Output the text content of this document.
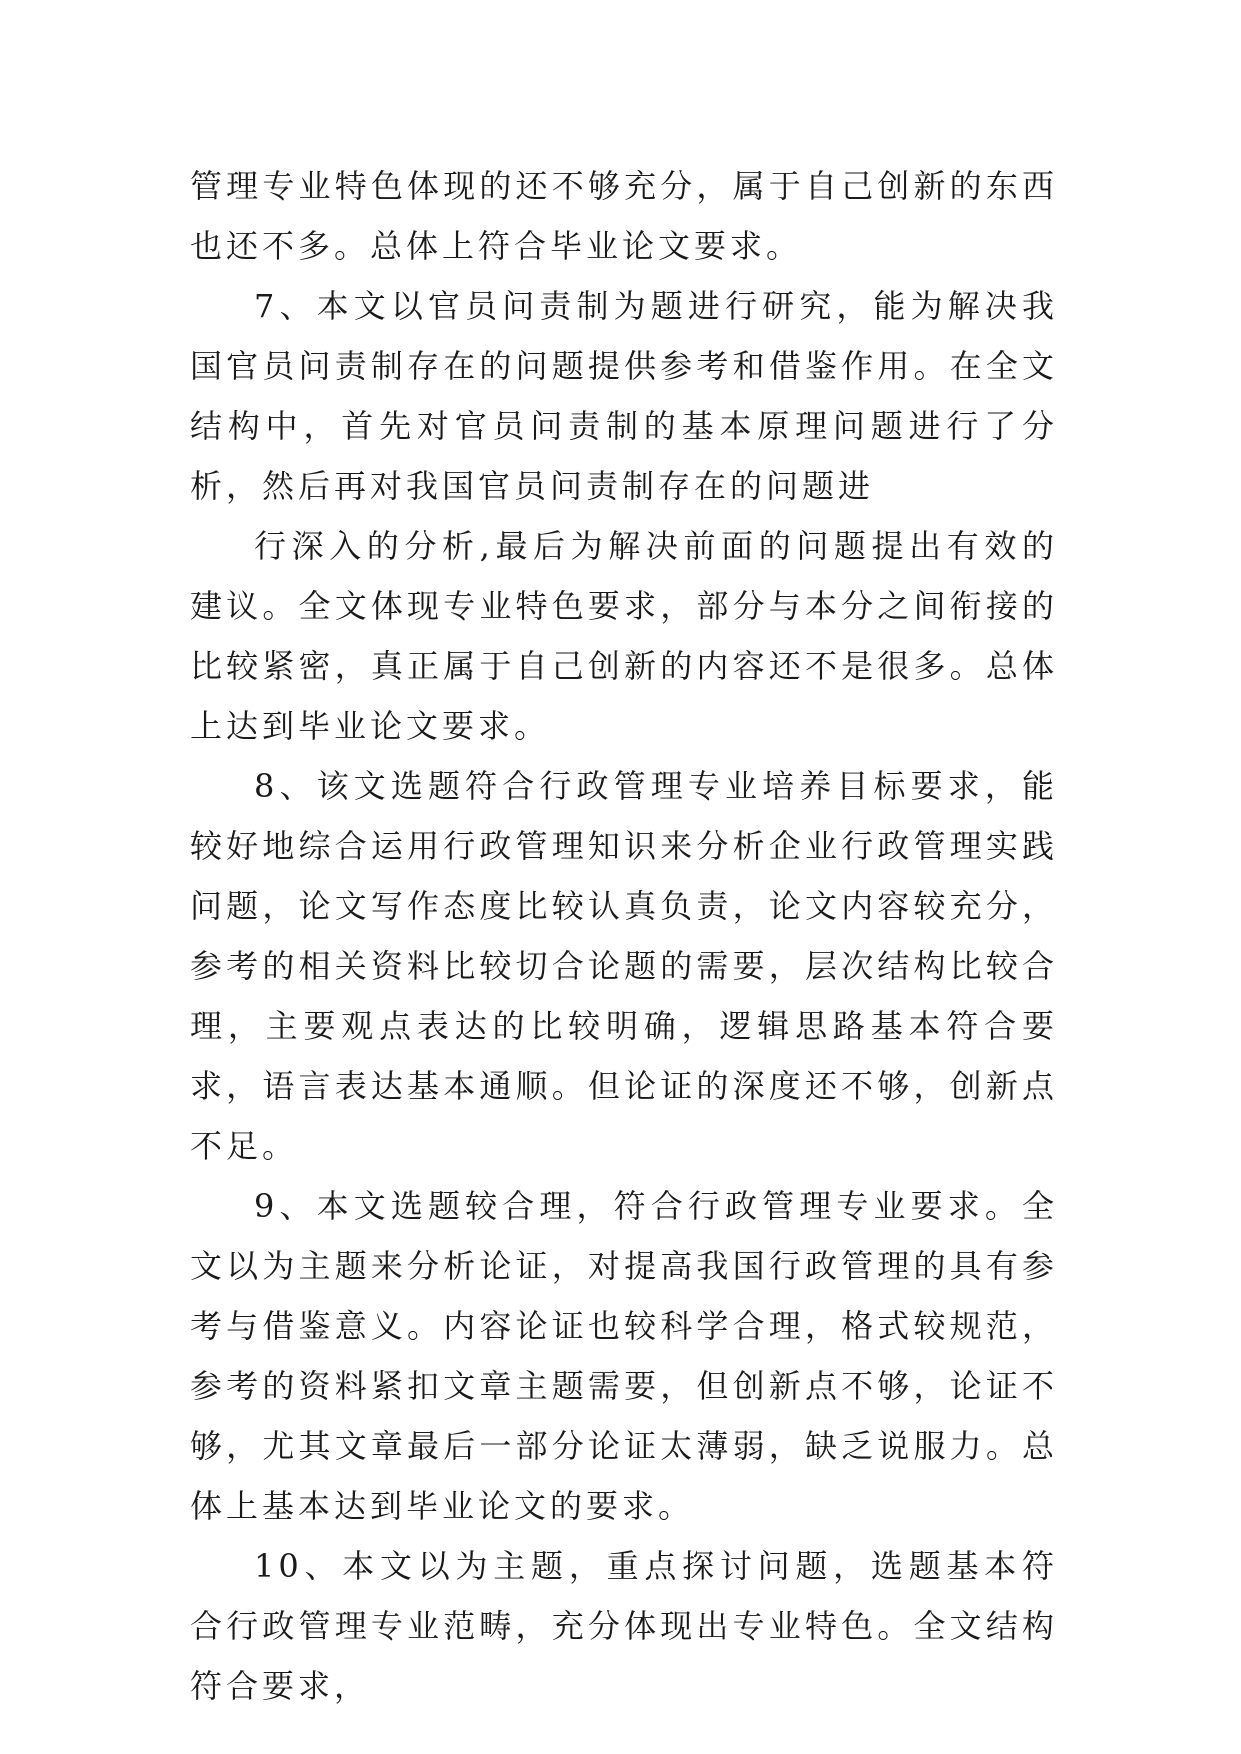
管理专业特色体现的还不够充分，属于自己创新的东西也还不多。总体上符合毕业论文要求。

7、本文以官员问责制为题进行研究，能为解决我国官员问责制存在的问题提供参考和借鉴作用。在全文结构中，首先对官员问责制的基本原理问题进行了分析，然后再对我国官员问责制存在的问题进

行深入的分析,最后为解决前面的问题提出有效的建议。全文体现专业特色要求，部分与本分之间衔接的比较紧密，真正属于自己创新的内容还不是很多。总体上达到毕业论文要求。

8、该文选题符合行政管理专业培养目标要求，能较好地综合运用行政管理知识来分析企业行政管理实践问题，论文写作态度比较认真负责，论文内容较充分，参考的相关资料比较切合论题的需要，层次结构比较合理，主要观点表达的比较明确，逻辑思路基本符合要求，语言表达基本通顺。但论证的深度还不够，创新点不足。

9、本文选题较合理，符合行政管理专业要求。全文以为主题来分析论证，对提高我国行政管理的具有参考与借鉴意义。内容论证也较科学合理，格式较规范，参考的资料紧扣文章主题需要，但创新点不够，论证不够，尤其文章最后一部分论证太薄弱，缺乏说服力。总体上基本达到毕业论文的要求。

10、本文以为主题，重点探讨问题，选题基本符合行政管理专业范畴，充分体现出专业特色。全文结构符合要求，
